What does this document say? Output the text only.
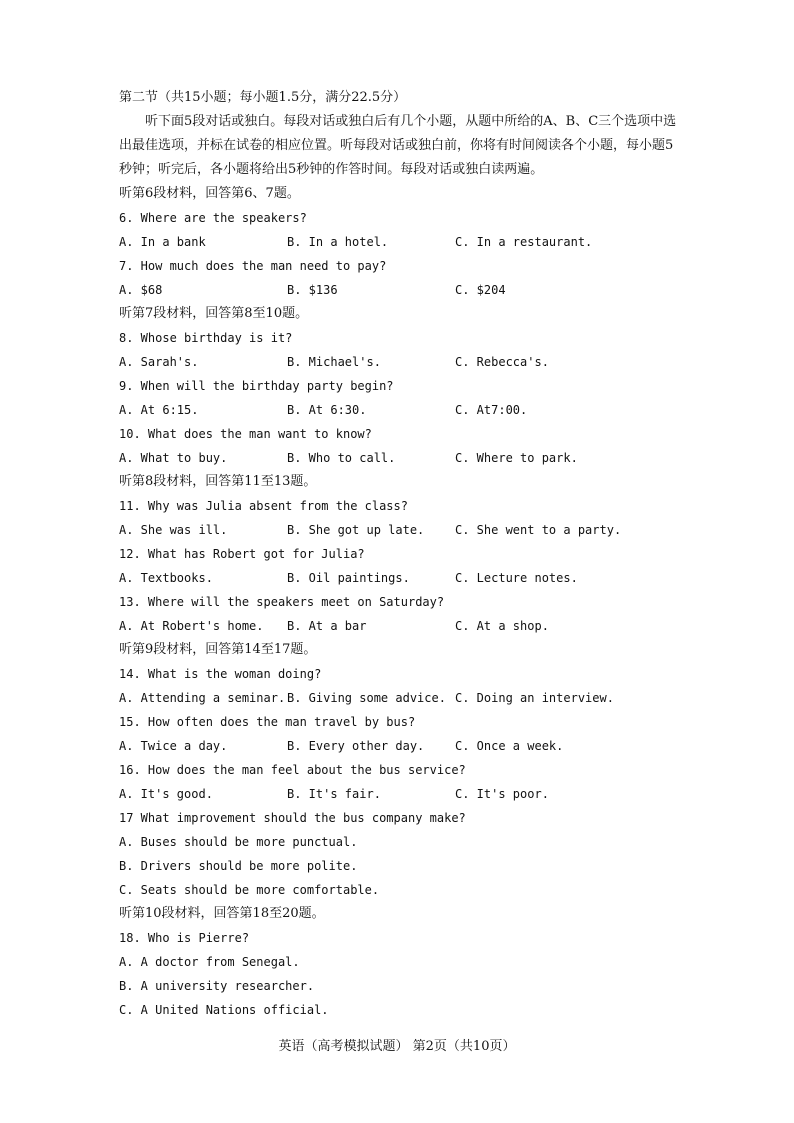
第二节（共15小题；每小题1.5分，满分22.5分）
听下面5段对话或独白。每段对话或独白后有几个小题，从题中所给的A、B、C三个选项中选出最佳选项，并标在试卷的相应位置。听每段对话或独白前，你将有时间阅读各个小题，每小题5秒钟；听完后，各小题将给出5秒钟的作答时间。每段对话或独白读两遍。
听第6段材料，回答第6、7题。
6. Where are the speakers?
A. In a bank	B. In a hotel.	C. In a restaurant.
7. How much does the man need to pay?
A. $68	B. $136	C. $204
听第7段材料，回答第8至10题。
8. Whose birthday is it?
A. Sarah's.	B. Michael's.	C. Rebecca's.
9. When will the birthday party begin?
A. At 6:15.	B. At 6:30.	C. At7:00.
10. What does the man want to know?
A. What to buy.	B. Who to call.	C. Where to park.
听第8段材料，回答第11至13题。
11. Why was Julia absent from the class?
A. She was ill.	B. She got up late.	C. She went to a party.
12. What has Robert got for Julia?
A. Textbooks.	B. Oil paintings.	C. Lecture notes.
13. Where will the speakers meet on Saturday?
A. At Robert's home.	B. At a bar	C. At a shop.
听第9段材料，回答第14至17题。
14. What is the woman doing?
A. Attending a seminar. B. Giving some advice. C. Doing an interview.
15. How often does the man travel by bus?
A. Twice a day.	B. Every other day.	C. Once a week.
16. How does the man feel about the bus service?
A. It's good.	B. It's fair.	C. It's poor.
17 What improvement should the bus company make?
A. Buses should be more punctual.
B. Drivers should be more polite.
C. Seats should be more comfortable.
听第10段材料，回答第18至20题。
18. Who is Pierre?
A. A doctor from Senegal.
B. A university researcher.
C. A United Nations official.
英语（高考模拟试题） 第2页（共10页）
